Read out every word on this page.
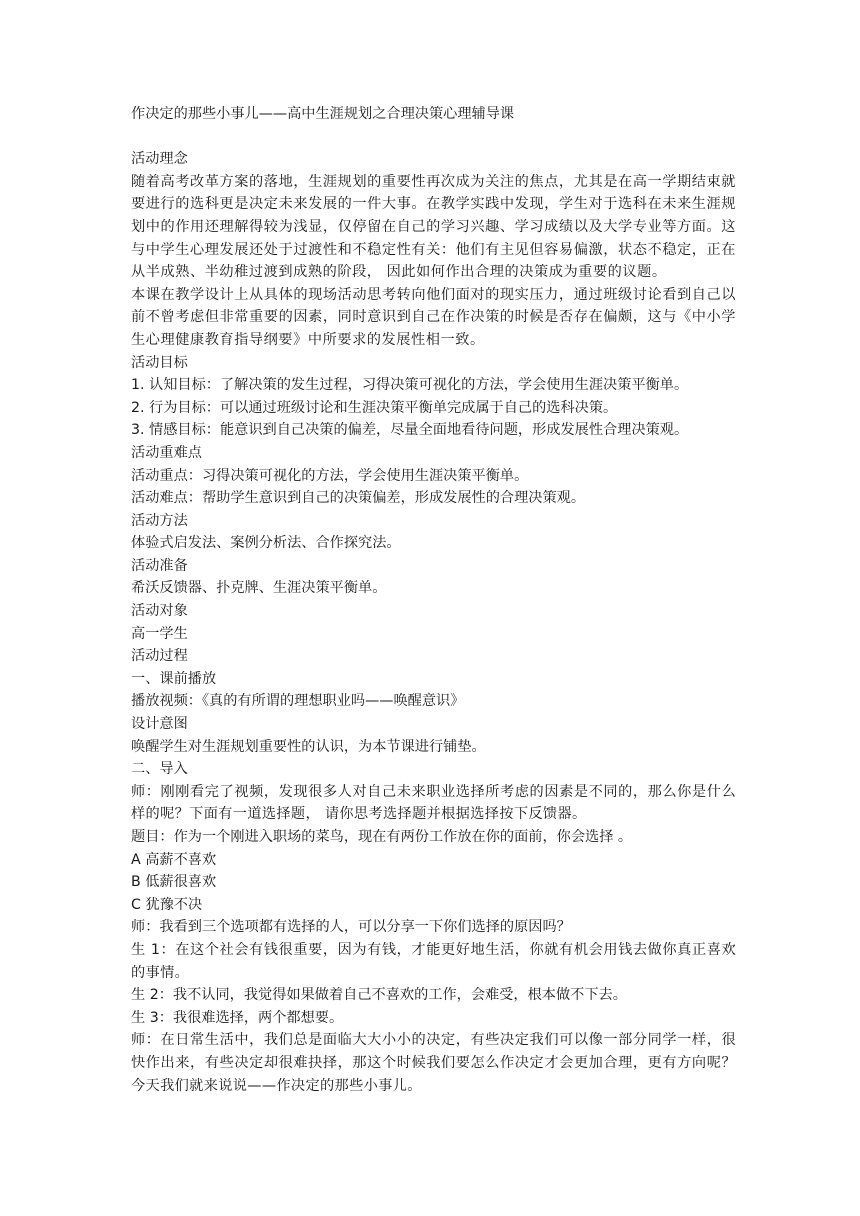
作决定的那些小事儿——高中生涯规划之合理决策心理辅导课
活动理念
随着高考改革方案的落地，生涯规划的重要性再次成为关注的焦点，尤其是在高一学期结束就要进行的选科更是决定未来发展的一件大事。在教学实践中发现，学生对于选科在未来生涯规划中的作用还理解得较为浅显，仅停留在自己的学习兴趣、学习成绩以及大学专业等方面。这与中学生心理发展还处于过渡性和不稳定性有关：他们有主见但容易偏激，状态不稳定，正在从半成熟、半幼稚过渡到成熟的阶段， 因此如何作出合理的决策成为重要的议题。
本课在教学设计上从具体的现场活动思考转向他们面对的现实压力，通过班级讨论看到自己以前不曾考虑但非常重要的因素，同时意识到自己在作决策的时候是否存在偏颇，这与《中小学生心理健康教育指导纲要》中所要求的发展性相一致。
活动目标
1. 认知目标：了解决策的发生过程，习得决策可视化的方法，学会使用生涯决策平衡单。
2. 行为目标：可以通过班级讨论和生涯决策平衡单完成属于自己的选科决策。
3. 情感目标：能意识到自己决策的偏差，尽量全面地看待问题，形成发展性合理决策观。
活动重难点
活动重点：习得决策可视化的方法，学会使用生涯决策平衡单。
活动难点：帮助学生意识到自己的决策偏差，形成发展性的合理决策观。
活动方法
体验式启发法、案例分析法、合作探究法。
活动准备
希沃反馈器、扑克牌、生涯决策平衡单。
活动对象
高一学生
活动过程
一、课前播放
播放视频：《真的有所谓的理想职业吗——唤醒意识》
设计意图
唤醒学生对生涯规划重要性的认识，为本节课进行铺垫。
二、导入
师：刚刚看完了视频，发现很多人对自己未来职业选择所考虑的因素是不同的，那么你是什么样的呢？下面有一道选择题， 请你思考选择题并根据选择按下反馈器。
题目：作为一个刚进入职场的菜鸟，现在有两份工作放在你的面前，你会选择 。
A 高薪不喜欢
B 低薪很喜欢
C 犹豫不决
师：我看到三个选项都有选择的人，可以分享一下你们选择的原因吗？
生 1：在这个社会有钱很重要，因为有钱，才能更好地生活，你就有机会用钱去做你真正喜欢的事情。
生 2：我不认同，我觉得如果做着自己不喜欢的工作，会难受，根本做不下去。
生 3：我很难选择，两个都想要。
师：在日常生活中，我们总是面临大大小小的决定，有些决定我们可以像一部分同学一样，很快作出来，有些决定却很难抉择，那这个时候我们要怎么作决定才会更加合理，更有方向呢？今天我们就来说说——作决定的那些小事儿。
